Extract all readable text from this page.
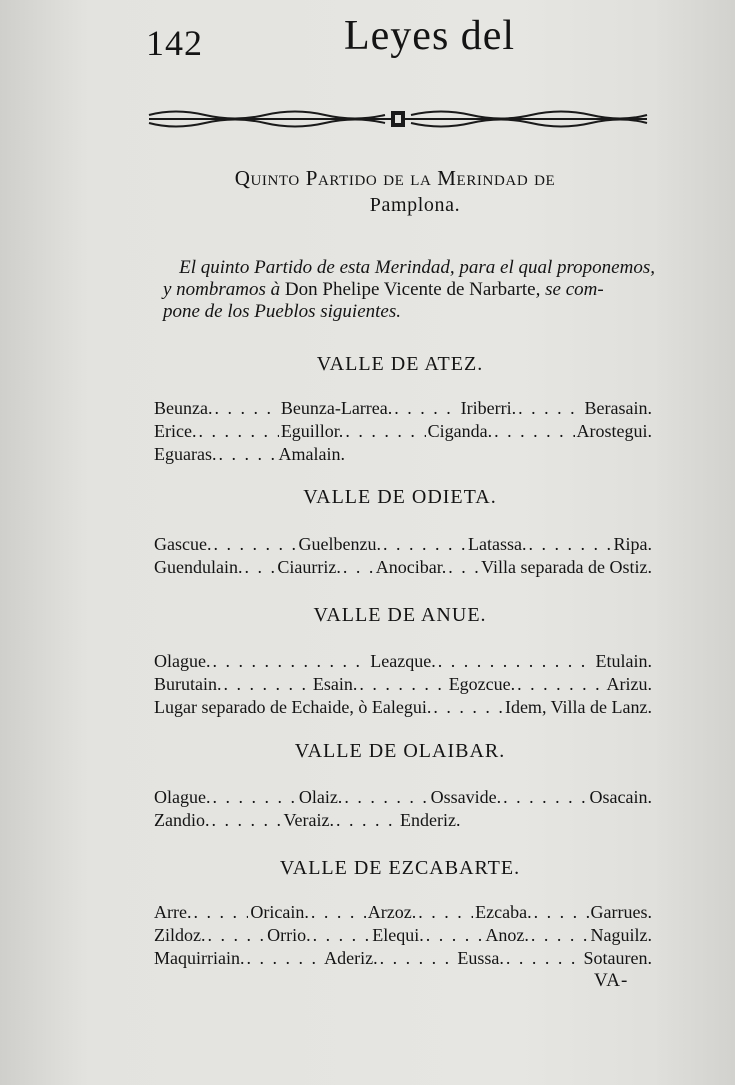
142	Leyes del
Quinto Partido de la Merindad de
Pamplona.
El quinto Partido de esta Merindad, para el qual proponemos,
y nombramos à Don Phelipe Vicente de Narbarte, se com-
pone de los Pueblos siguientes.
VALLE DE ATEZ.
Beunza. . . .	Beunza-Larrea. . . .	Iriberri. . . .	Berasain.
Erice. . . .	Eguillor. . . .	Ciganda. . . .	Arostegui.
Eguaras. . . .	Amalain.
VALLE DE ODIETA.
Gascue. . . .	Guelbenzu. . . .	Latassa. . . .	Ripa.
Guendulain. . . . Ciaurriz. . . . Anocibar. . . . Villa separada de Ostiz.
VALLE DE ANUE.
Olague. . . .	Leazque. . . .	Etulain.
Burutain. . . .	Esain. . . .	Egozcue. . . .	Arizu.
Lugar separado de Echaide, ò Ealegui. . . .	Idem, Villa de Lanz.
VALLE DE OLAIBAR.
Olague. . . .	Olaiz. . . .	Ossavide. . . .	Osacain.
Zandio. . . .	Veraiz. . . .	Enderiz.
VALLE DE EZCABARTE.
Arre. . . .	Oricain. . . .	Arzoz. . . .	Ezcaba. . . .	Garrues.
Zildoz. . . .	Orrio. . . .	Elequi. . . .	Anoz. . . .	Naguilz.
Maquirriain. . . .	Aderiz. . . .	Eussa. . . .	Sotauren.
VA-
